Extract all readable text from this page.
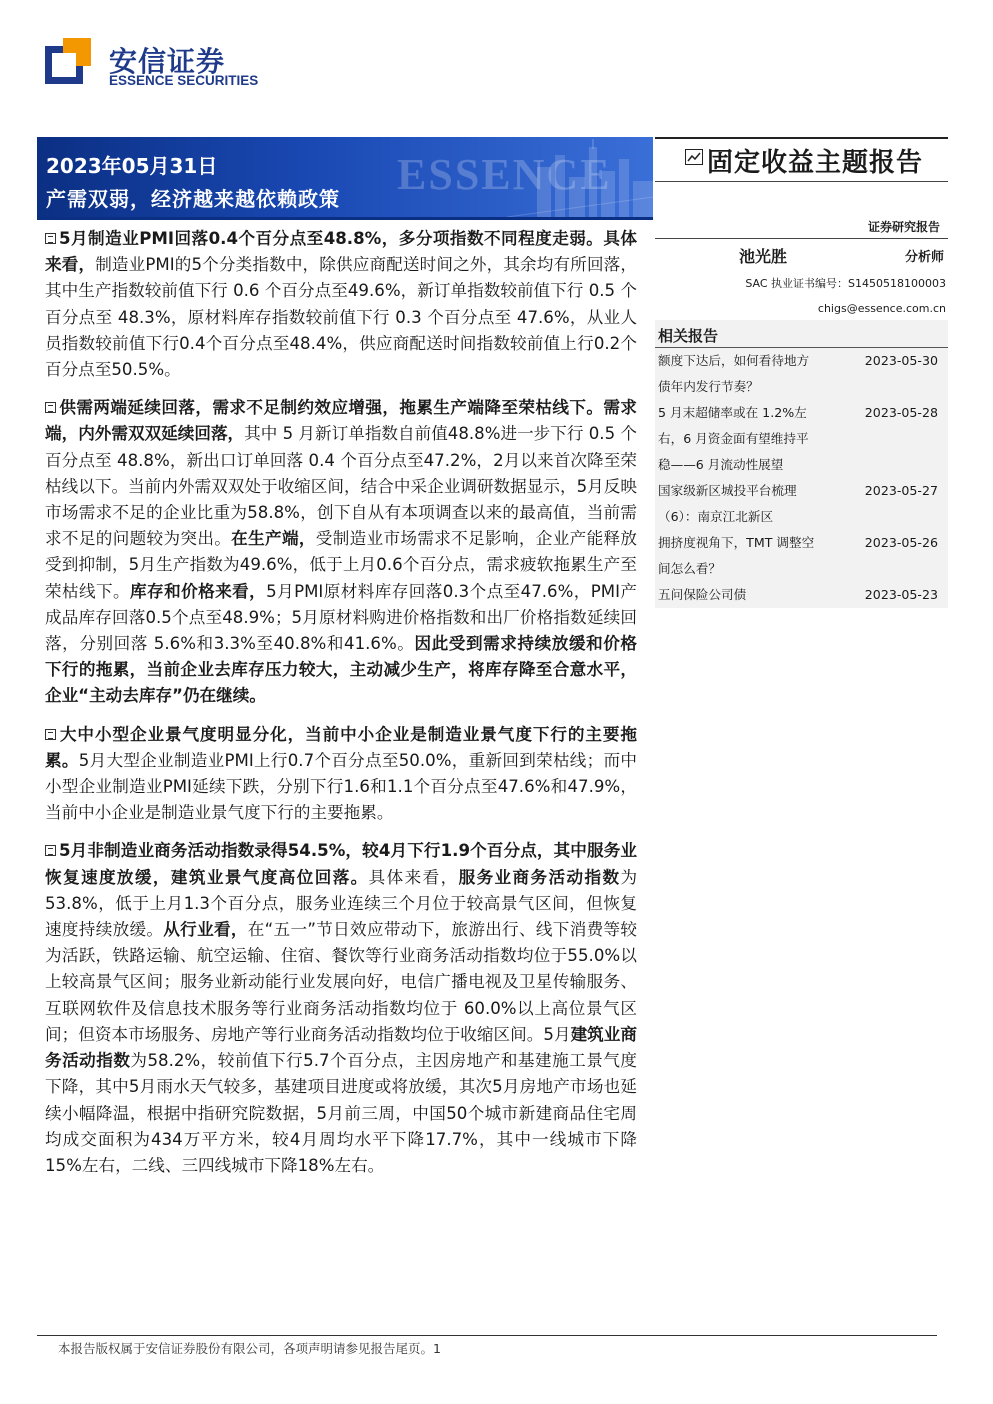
安信证券
ESSENCE SECURITIES
ESSENCE
2023年05月31日
产需双弱，经济越来越依赖政策

5月制造业PMI回落0.4个百分点至48.8%，多分项指数不同程度走弱。具体来看，制造业PMI的5个分类指数中，除供应商配送时间之外，其余均有所回落，其中生产指数较前值下行 0.6 个百分点至49.6%，新订单指数较前值下行 0.5 个百分点至 48.3%，原材料库存指数较前值下行 0.3 个百分点至 47.6%，从业人员指数较前值下行0.4个百分点至48.4%，供应商配送时间指数较前值上行0.2个百分点至50.5%。

供需两端延续回落，需求不足制约效应增强，拖累生产端降至荣枯线下。需求端，内外需双双延续回落，其中 5 月新订单指数自前值48.8%进一步下行 0.5 个百分点至 48.8%，新出口订单回落 0.4 个百分点至47.2%，2月以来首次降至荣枯线以下。当前内外需双双处于收缩区间，结合中采企业调研数据显示，5月反映市场需求不足的企业比重为58.8%，创下自从有本项调查以来的最高值，当前需求不足的问题较为突出。在生产端，受制造业市场需求不足影响，企业产能释放受到抑制，5月生产指数为49.6%，低于上月0.6个百分点，需求疲软拖累生产至荣枯线下。库存和价格来看，5月PMI原材料库存回落0.3个点至47.6%，PMI产成品库存回落0.5个点至48.9%；5月原材料购进价格指数和出厂价格指数延续回落，分别回落 5.6%和3.3%至40.8%和41.6%。因此受到需求持续放缓和价格下行的拖累，当前企业去库存压力较大，主动减少生产，将库存降至合意水平，企业“主动去库存”仍在继续。

大中小型企业景气度明显分化，当前中小企业是制造业景气度下行的主要拖累。5月大型企业制造业PMI上行0.7个百分点至50.0%，重新回到荣枯线；而中小型企业制造业PMI延续下跌，分别下行1.6和1.1个百分点至47.6%和47.9%，当前中小企业是制造业景气度下行的主要拖累。

5月非制造业商务活动指数录得54.5%，较4月下行1.9个百分点，其中服务业恢复速度放缓，建筑业景气度高位回落。具体来看，服务业商务活动指数为53.8%，低于上月1.3个百分点，服务业连续三个月位于较高景气区间，但恢复速度持续放缓。从行业看，在“五一”节日效应带动下，旅游出行、线下消费等较为活跃，铁路运输、航空运输、住宿、餐饮等行业商务活动指数均位于55.0%以上较高景气区间；服务业新动能行业发展向好，电信广播电视及卫星传输服务、互联网软件及信息技术服务等行业商务活动指数均位于 60.0%以上高位景气区间；但资本市场服务、房地产等行业商务活动指数均位于收缩区间。5月建筑业商务活动指数为58.2%，较前值下行5.7个百分点，主因房地产和基建施工景气度下降，其中5月雨水天气较多，基建项目进度或将放缓，其次5月房地产市场也延续小幅降温，根据中指研究院数据，5月前三周，中国50个城市新建商品住宅周均成交面积为434万平方米，较4月周均水平下降17.7%，其中一线城市下降15%左右，二线、三四线城市下降18%左右。

固定收益主题报告
证券研究报告
池光胜	分析师
SAC 执业证书编号：S1450518100003
chigs@essence.com.cn
相关报告
额度下达后，如何看待地方
债年内发行节奏？
2023-05-30
5 月末超储率或在 1.2%左
右，6 月资金面有望维持平
稳——6 月流动性展望
2023-05-28
国家级新区城投平台梳理
（6）：南京江北新区
2023-05-27
拥挤度视角下，TMT 调整空
间怎么看？
2023-05-26
五问保险公司债	2023-05-23
本报告版权属于安信证券股份有限公司，各项声明请参见报告尾页。1
